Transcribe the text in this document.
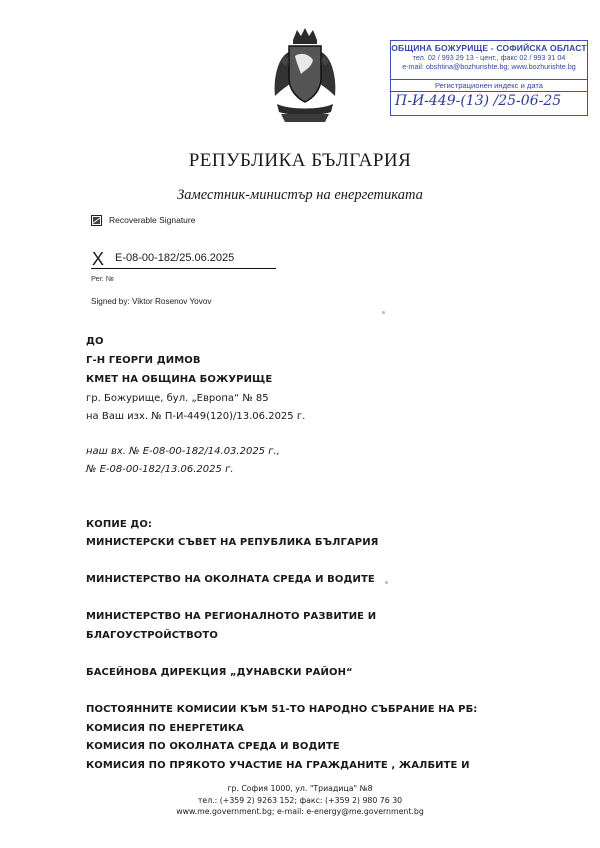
ОБЩИНА БОЖУРИЩЕ - СОФИЙСКА ОБЛАСТ
тел. 02 / 993 29 13 - цент., факс 02 / 993 31 04
e-mail: obshtina@bozhurishte.bg; www.bozhurishte.bg
Регистрационен индекс и дата
П-И-449-(13) /25-06-25
РЕПУБЛИКА БЪЛГАРИЯ
Заместник-министър на енергетиката
Recoverable Signature
X Е-08-00-182/25.06.2025
Рег. №
Signed by: Viktor Rosenov Yovov
ДО
Г-Н ГЕОРГИ ДИМОВ
КМЕТ НА ОБЩИНА БОЖУРИЩЕ
гр. Божурище, бул. „Европа“ № 85
на Ваш изх. № П-И-449(120)/13.06.2025 г.
наш вх. № Е-08-00-182/14.03.2025 г.,
№ Е-08-00-182/13.06.2025 г.
КОПИЕ ДО:
МИНИСТЕРСКИ СЪВЕТ НА РЕПУБЛИКА БЪЛГАРИЯ
МИНИСТЕРСТВО НА ОКОЛНАТА СРЕДА И ВОДИТЕ
МИНИСТЕРСТВО НА РЕГИОНАЛНОТО РАЗВИТИЕ И
БЛАГОУСТРОЙСТВОТО
БАСЕЙНОВА ДИРЕКЦИЯ „ДУНАВСКИ РАЙОН“
ПОСТОЯННИТЕ КОМИСИИ КЪМ 51-ТО НАРОДНО СЪБРАНИЕ НА РБ:
КОМИСИЯ ПО ЕНЕРГЕТИКА
КОМИСИЯ ПО ОКОЛНАТА СРЕДА И ВОДИТЕ
КОМИСИЯ ПО ПРЯКОТО УЧАСТИЕ НА ГРАЖДАНИТЕ , ЖАЛБИТЕ И
гр. София 1000, ул. "Триадица" №8
тел.: (+359 2) 9263 152; факс: (+359 2) 980 76 30
www.me.government.bg; e-mail: e-energy@me.government.bg
